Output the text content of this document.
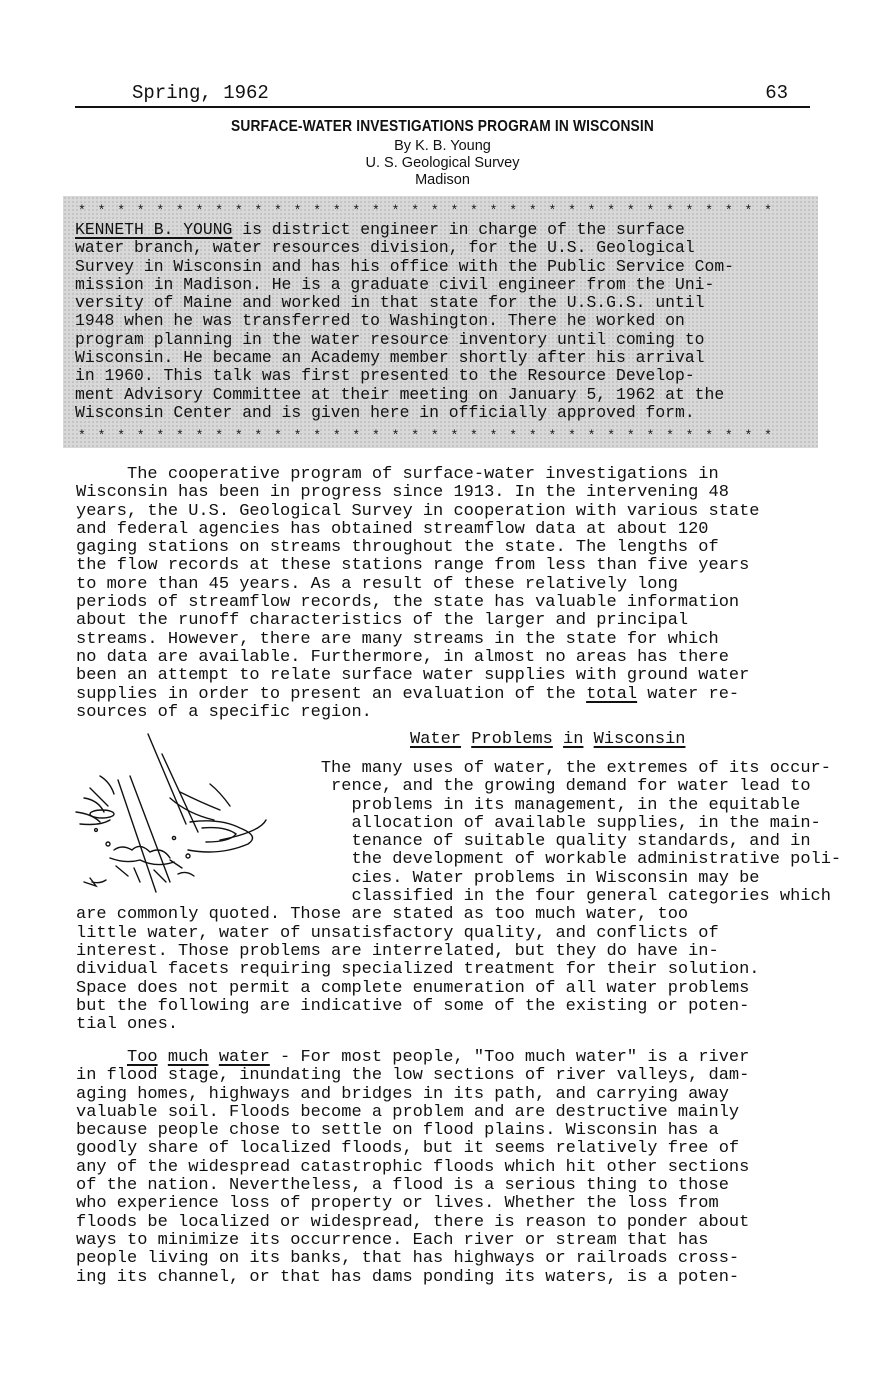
Spring, 1962	63
SURFACE-WATER INVESTIGATIONS PROGRAM IN WISCONSIN
By K. B. Young
U. S. Geological Survey
Madison
* * * * * * * * * * * * * * * * * * * * * * * * * * * * * * * * * * * *
KENNETH B. YOUNG is district engineer in charge of the surface
water branch, water resources division, for the U.S. Geological
Survey in Wisconsin and has his office with the Public Service Com-
mission in Madison. He is a graduate civil engineer from the Uni-
versity of Maine and worked in that state for the U.S.G.S. until
1948 when he was transferred to Washington. There he worked on
program planning in the water resource inventory until coming to
Wisconsin. He became an Academy member shortly after his arrival
in 1960. This talk was first presented to the Resource Develop-
ment Advisory Committee at their meeting on January 5, 1962 at the
Wisconsin Center and is given here in officially approved form.
* * * * * * * * * * * * * * * * * * * * * * * * * * * * * * * * * * * *
The cooperative program of surface-water investigations in
Wisconsin has been in progress since 1913. In the intervening 48
years, the U.S. Geological Survey in cooperation with various state
and federal agencies has obtained streamflow data at about 120
gaging stations on streams throughout the state. The lengths of
the flow records at these stations range from less than five years
to more than 45 years. As a result of these relatively long
periods of streamflow records, the state has valuable information
about the runoff characteristics of the larger and principal
streams. However, there are many streams in the state for which
no data are available. Furthermore, in almost no areas has there
been an attempt to relate surface water supplies with ground water
supplies in order to present an evaluation of the total water re-
sources of a specific region.
Water Problems in Wisconsin
The many uses of water, the extremes of its occur-
rence, and the growing demand for water lead to
problems in its management, in the equitable
allocation of available supplies, in the main-
tenance of suitable quality standards, and in
the development of workable administrative poli-
cies. Water problems in Wisconsin may be
classified in the four general categories which
are commonly quoted. Those are stated as too much water, too
little water, water of unsatisfactory quality, and conflicts of
interest. Those problems are interrelated, but they do have in-
dividual facets requiring specialized treatment for their solution.
Space does not permit a complete enumeration of all water problems
but the following are indicative of some of the existing or poten-
tial ones.
Too much water - For most people, "Too much water" is a river
in flood stage, inundating the low sections of river valleys, dam-
aging homes, highways and bridges in its path, and carrying away
valuable soil. Floods become a problem and are destructive mainly
because people chose to settle on flood plains. Wisconsin has a
goodly share of localized floods, but it seems relatively free of
any of the widespread catastrophic floods which hit other sections
of the nation. Nevertheless, a flood is a serious thing to those
who experience loss of property or lives. Whether the loss from
floods be localized or widespread, there is reason to ponder about
ways to minimize its occurrence. Each river or stream that has
people living on its banks, that has highways or railroads cross-
ing its channel, or that has dams ponding its waters, is a poten-
